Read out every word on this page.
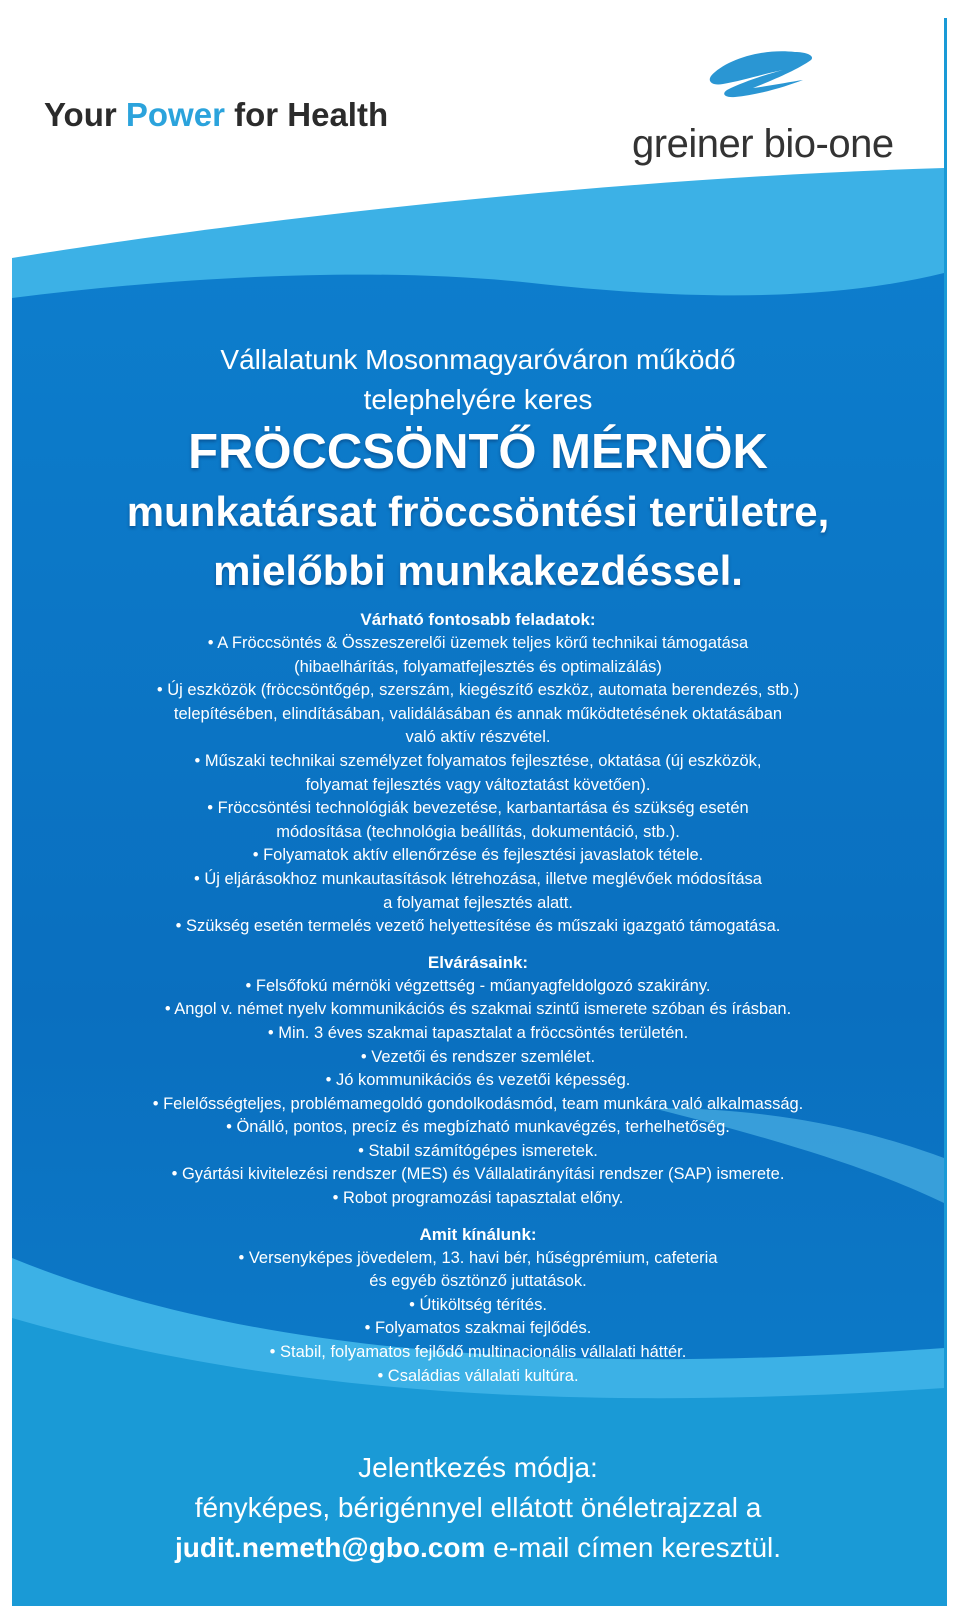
Your Power for Health
greiner bio-one

Vállalatunk Mosonmagyaróváron működő

telephelyére keres

FRÖCCSÖNTŐ MÉRNÖK

munkatársat fröccsöntési területre,

mielőbbi munkakezdéssel.

Várható fontosabb feladatok:
• A Fröccsöntés & Összeszerelői üzemek teljes körű technikai támogatása
(hibaelhárítás, folyamatfejlesztés és optimalizálás)
• Új eszközök (fröccsöntőgép, szerszám, kiegészítő eszköz, automata berendezés, stb.)
telepítésében, elindításában, validálásában és annak működtetésének oktatásában
való aktív részvétel.
• Műszaki technikai személyzet folyamatos fejlesztése, oktatása (új eszközök,
folyamat fejlesztés vagy változtatást követően).
• Fröccsöntési technológiák bevezetése, karbantartása és szükség esetén
módosítása (technológia beállítás, dokumentáció, stb.).
• Folyamatok aktív ellenőrzése és fejlesztési javaslatok tétele.
• Új eljárásokhoz munkautasítások létrehozása, illetve meglévőek módosítása
a folyamat fejlesztés alatt.
• Szükség esetén termelés vezető helyettesítése és műszaki igazgató támogatása.
Elvárásaink:
• Felsőfokú mérnöki végzettség - műanyagfeldolgozó szakirány.
• Angol v. német nyelv kommunikációs és szakmai szintű ismerete szóban és írásban.
• Min. 3 éves szakmai tapasztalat a fröccsöntés területén.
• Vezetői és rendszer szemlélet.
• Jó kommunikációs és vezetői képesség.
• Felelősségteljes, problémamegoldó gondolkodásmód, team munkára való alkalmasság.
• Önálló, pontos, precíz és megbízható munkavégzés, terhelhetőség.
• Stabil számítógépes ismeretek.
• Gyártási kivitelezési rendszer (MES) és Vállalatirányítási rendszer (SAP) ismerete.
• Robot programozási tapasztalat előny.
Amit kínálunk:
• Versenyképes jövedelem, 13. havi bér, hűségprémium, cafeteria
és egyéb ösztönző juttatások.
• Útiköltség térítés.
• Folyamatos szakmai fejlődés.
• Stabil, folyamatos fejlődő multinacionális vállalati háttér.
• Családias vállalati kultúra.
Jelentkezés módja:
fényképes, bérigénnyel ellátott önéletrajzzal a
judit.nemeth@gbo.com e-mail címen keresztül.
